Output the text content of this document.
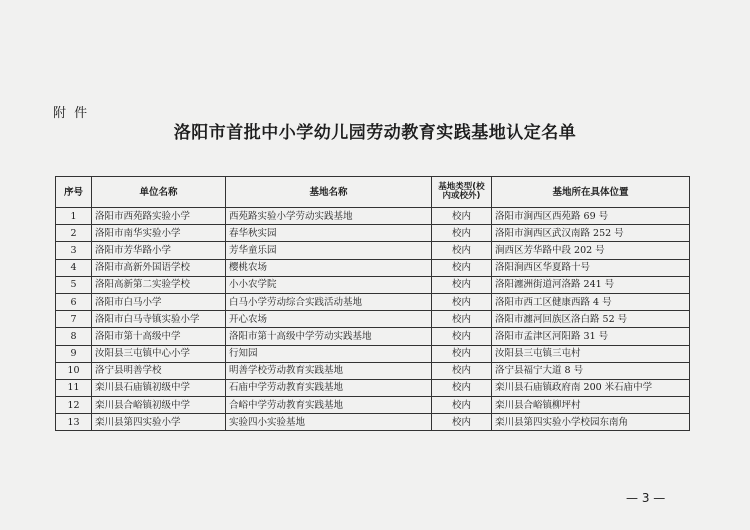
附 件
洛阳市首批中小学幼儿园劳动教育实践基地认定名单
序号	单位名称	基地名称	基地类型(校内或校外)	基地所在具体位置
1	洛阳市西苑路实验小学	西苑路实验小学劳动实践基地	校内	洛阳市涧西区西苑路 69 号
2	洛阳市南华实验小学	春华秋实园	校内	洛阳市涧西区武汉南路 252 号
3	洛阳市芳华路小学	芳华童乐园	校内	涧西区芳华路中段 202 号
4	洛阳市高新外国语学校	樱桃农场	校内	洛阳涧西区华夏路十号
5	洛阳高新第二实验学校	小小农学院	校内	洛阳瀍洲街道河洛路 241 号
6	洛阳市白马小学	白马小学劳动综合实践活动基地	校内	洛阳市西工区健康西路 4 号
7	洛阳市白马寺镇实验小学	开心农场	校内	洛阳市瀍河回族区洛白路 52 号
8	洛阳市第十高级中学	洛阳市第十高级中学劳动实践基地	校内	洛阳市孟津区河阳路 31 号
9	汝阳县三屯镇中心小学	行知园	校内	汝阳县三屯镇三屯村
10	洛宁县明善学校	明善学校劳动教育实践基地	校内	洛宁县福宁大道 8 号
11	栾川县石庙镇初级中学	石庙中学劳动教育实践基地	校内	栾川县石庙镇政府南 200 米石庙中学
12	栾川县合峪镇初级中学	合峪中学劳动教育实践基地	校内	栾川县合峪镇柳坪村
13	栾川县第四实验小学	实验四小实验基地	校内	栾川县第四实验小学校园东南角
— 3 —
